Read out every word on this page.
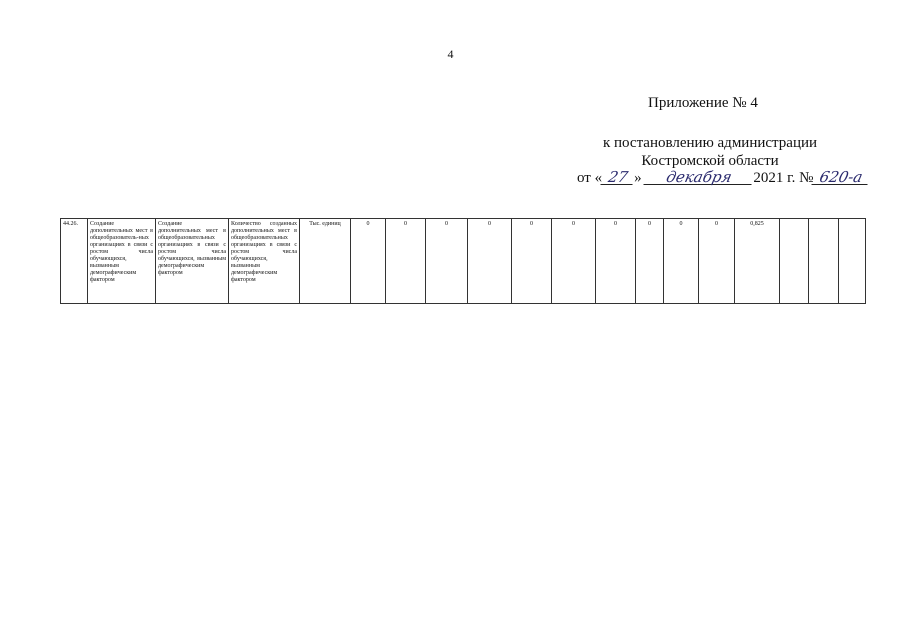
4
Приложение № 4
к постановлению администрации
Костромской области
от « 27 » декабря 2021 г. № 620-а
44.26.	Создание дополнительных мест в общеобразователь-ных организациях в связи с ростом числа обучающихся, вызванным демографическим фактором	Создание дополнительных мест в общеобразовательных организациях в связи с ростом числа обучающихся, вызванным демографическим фактором	Количество созданных дополнительных мест в общеобразовательных организациях в связи с ростом числа обучающихся, вызванным демографическим фактором	Тыс. единиц	0	0	0	0	0	0	0	0	0	0	0,825			
